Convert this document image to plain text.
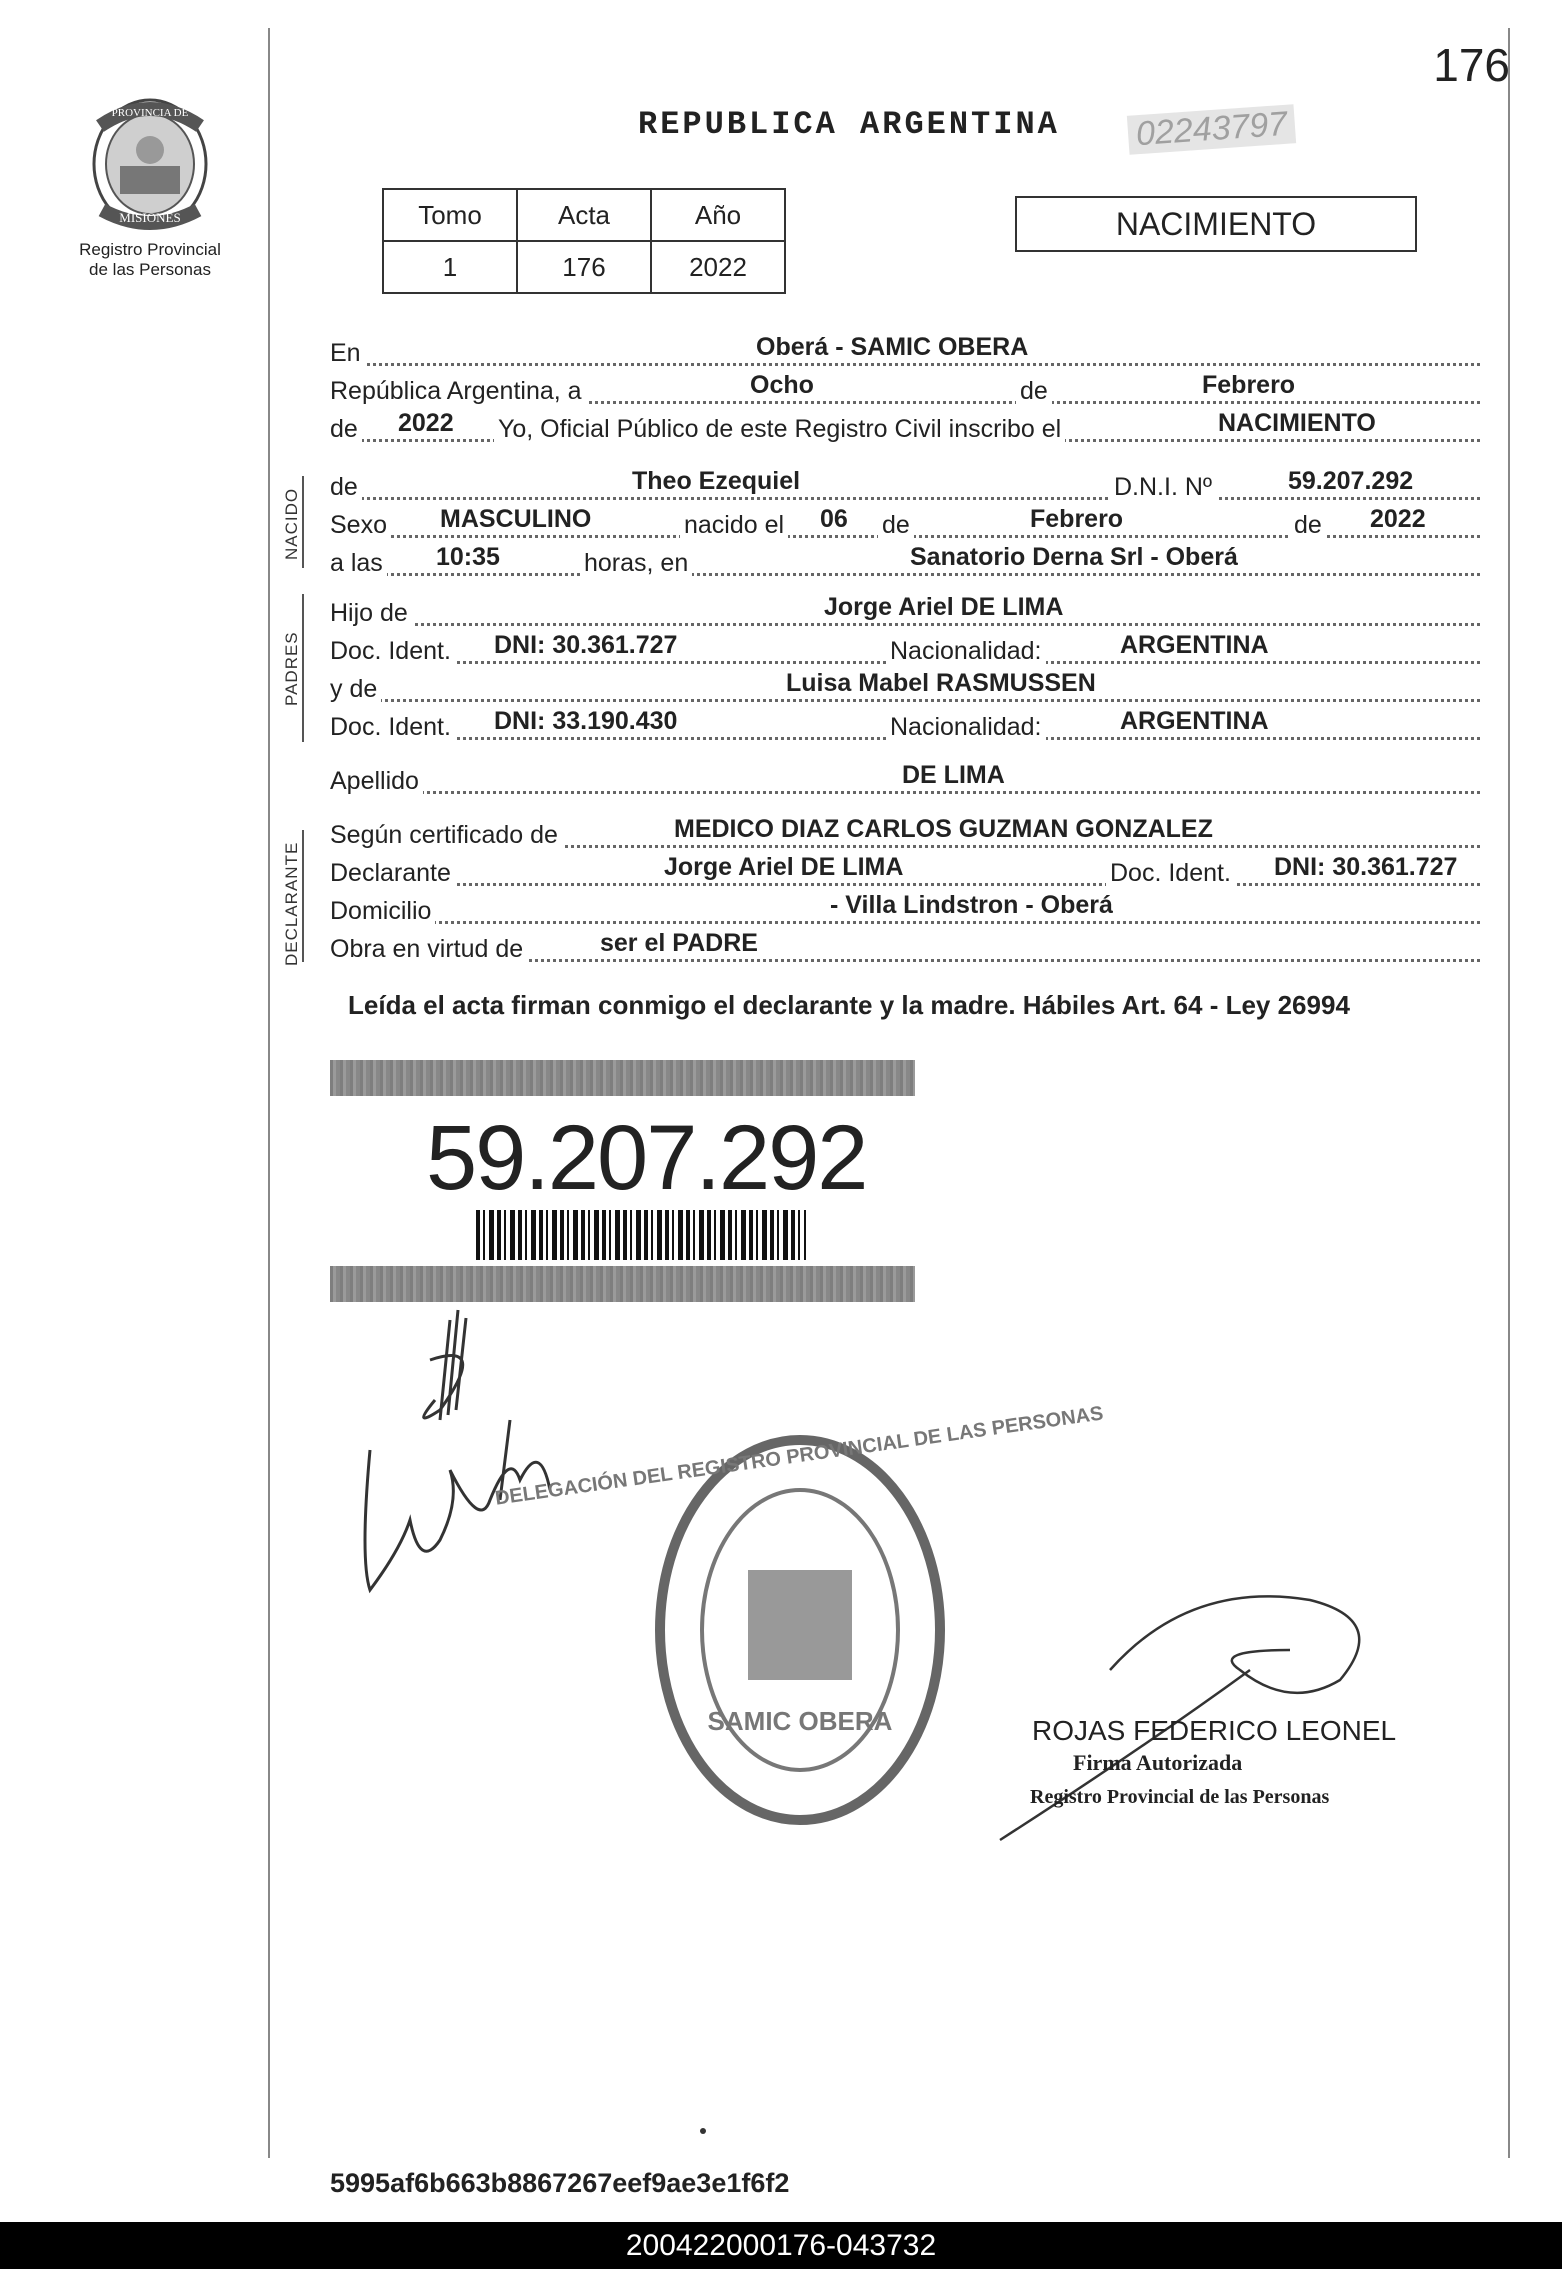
PROVINCIA DE
MISIONES
Registro Provincial
de las Personas
176
REPUBLICA ARGENTINA 02243797
Tomo	Acta	Año
1	176	2022
NACIMIENTO
En	Oberá - SAMIC OBERA
República Argentina, a	Ocho	de	Febrero
de 2022 Yo, Oficial Público de este Registro Civil inscribo el	NACIMIENTO
NACIDO
de	Theo Ezequiel	D.N.I. Nº	59.207.292
Sexo MASCULINO	nacido el 06 de	Febrero	de 2022
a las 10:35	horas, en	Sanatorio Derna Srl - Oberá
PADRES
Hijo de	Jorge Ariel DE LIMA
Doc. Ident. DNI: 30.361.727	Nacionalidad:	ARGENTINA
y de	Luisa Mabel RASMUSSEN
Doc. Ident. DNI: 33.190.430	Nacionalidad:	ARGENTINA
Apellido	DE LIMA
DECLARANTE
Según certificado de	MEDICO DIAZ CARLOS GUZMAN GONZALEZ
Declarante	Jorge Ariel DE LIMA	Doc. Ident. DNI: 30.361.727
Domicilio	- Villa Lindstron - Oberá
Obra en virtud de	ser el PADRE
Leída el acta firman conmigo el declarante y la madre. Hábiles Art. 64 - Ley 26994
59.207.292
DELEGACIÓN DEL REGISTRO PROVINCIAL DE LAS PERSONAS
SAMIC OBERA	ROJAS FEDERICO LEONEL
Firma Autorizada
Registro Provincial de las Personas
5995af6b663b8867267eef9ae3e1f6f2
200422000176-043732
